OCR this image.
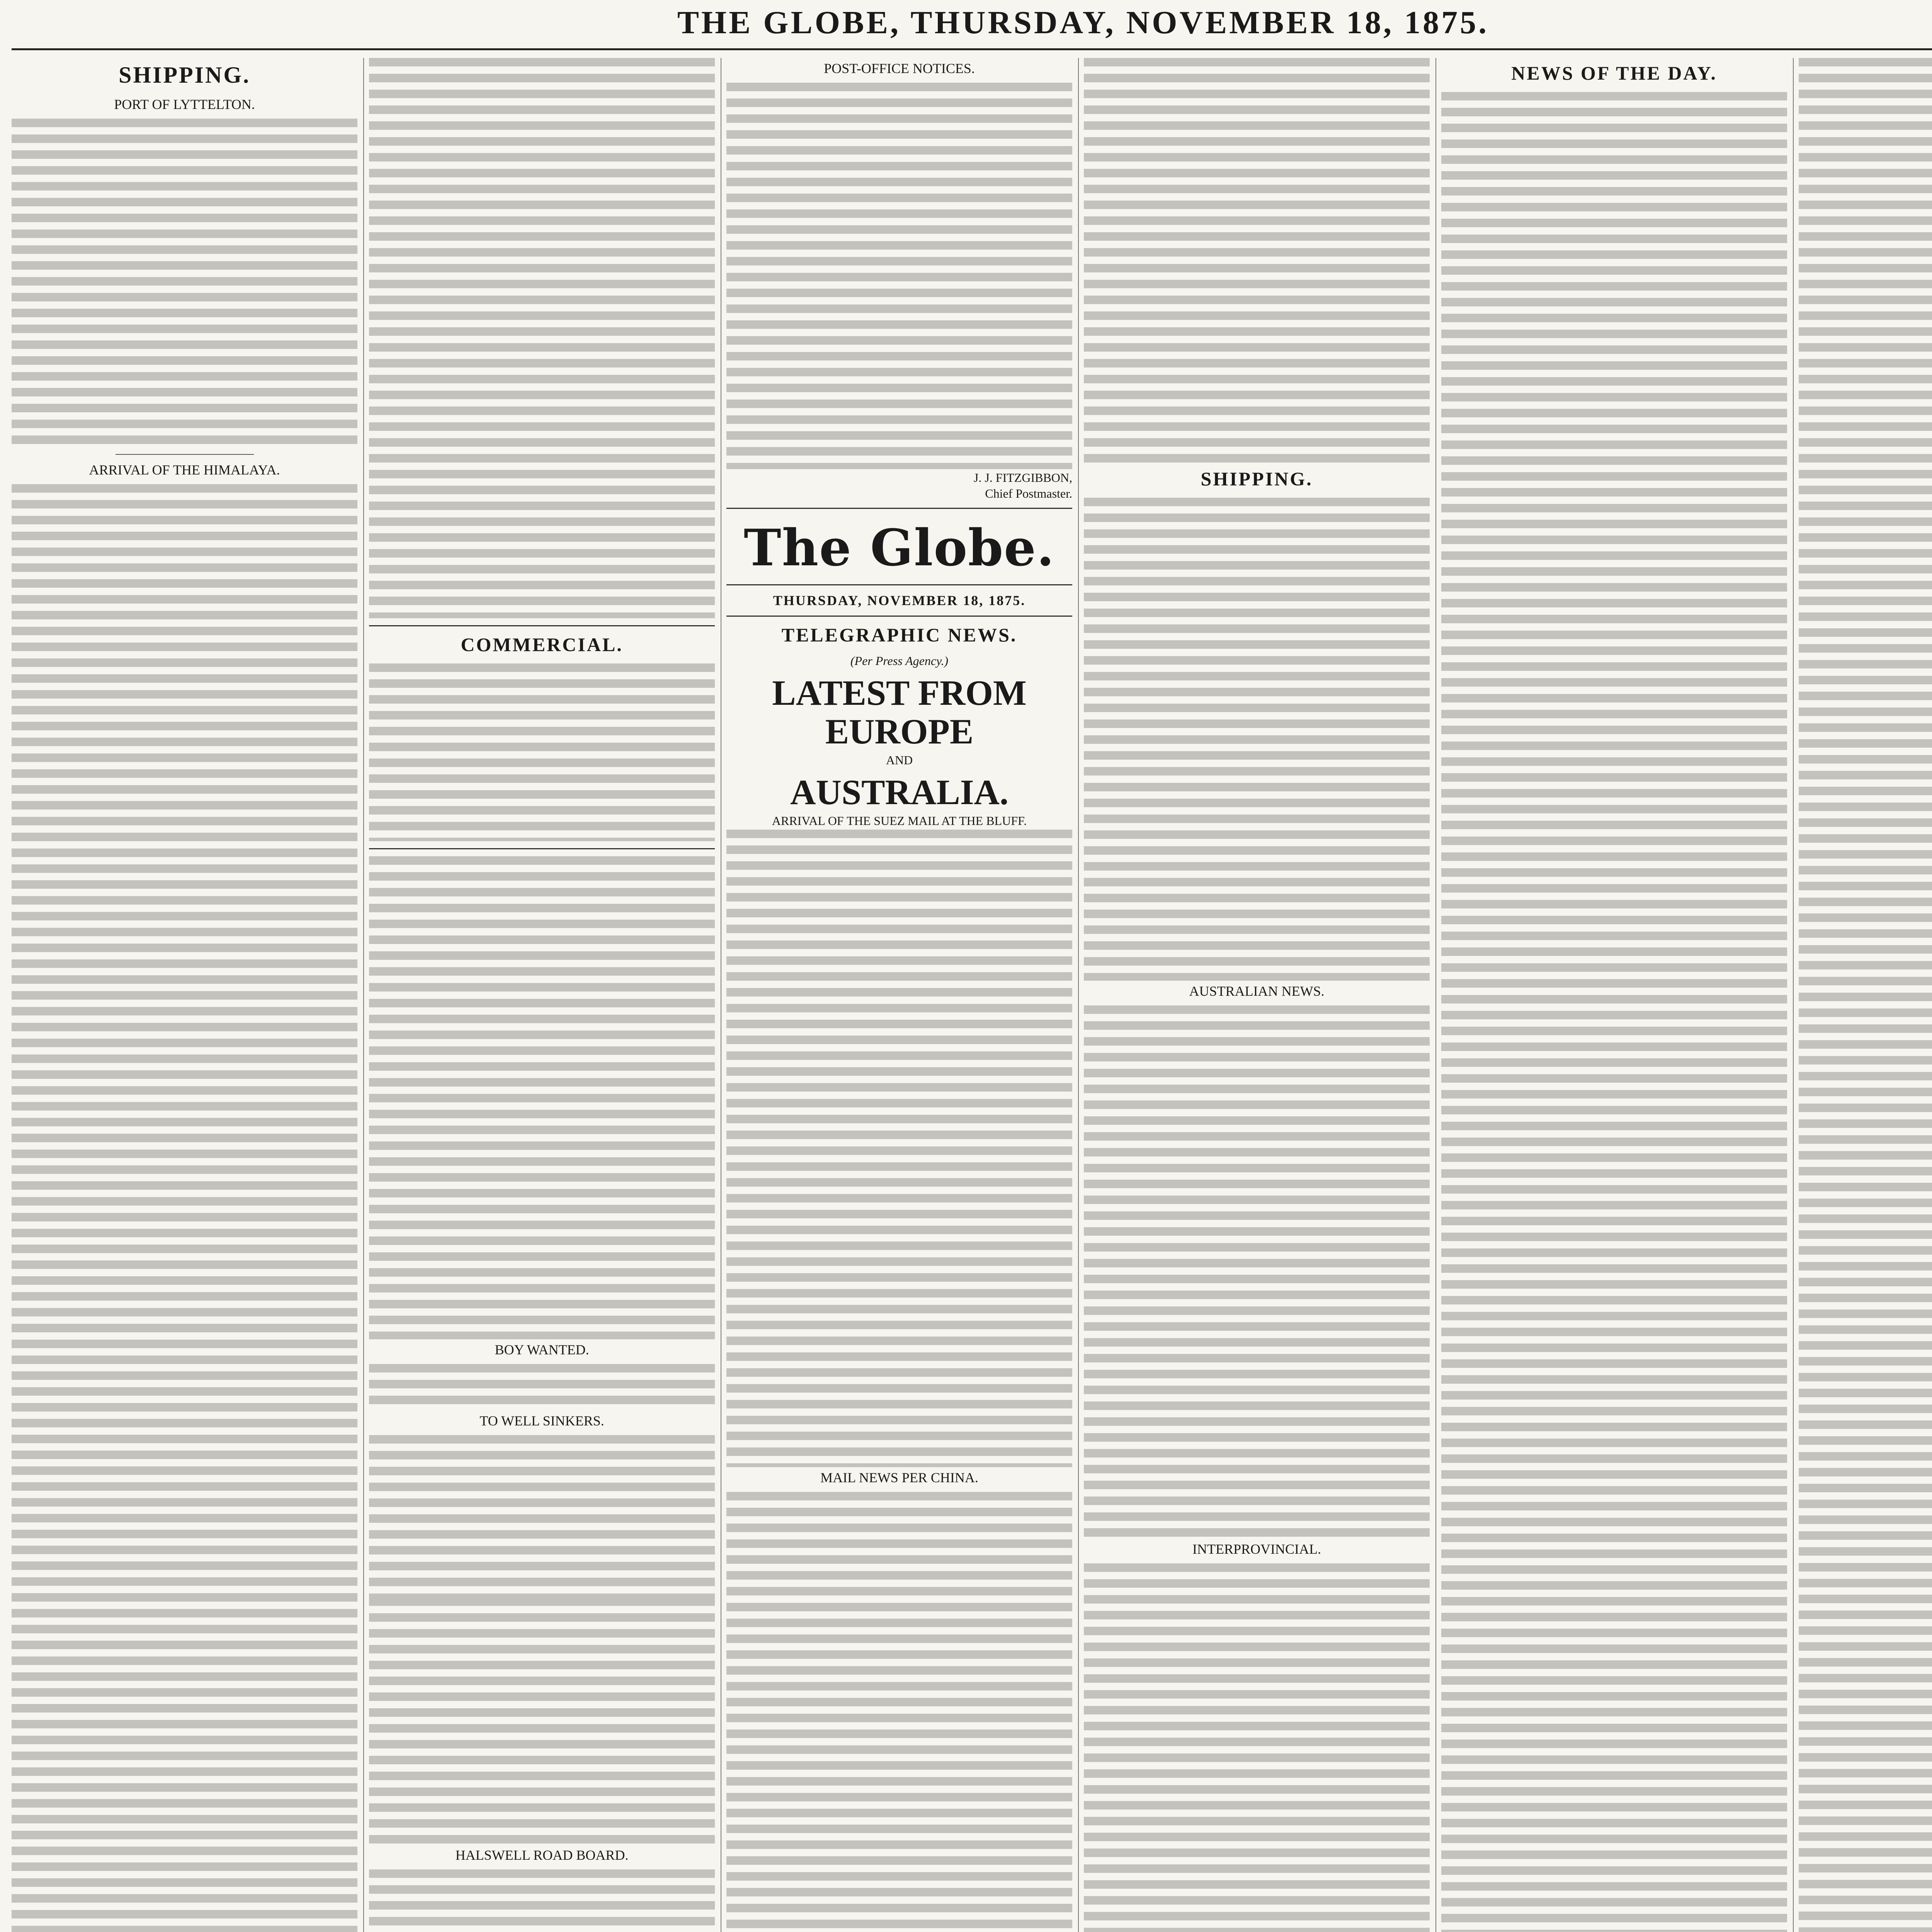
THE GLOBE, THURSDAY, NOVEMBER 18, 1875.
SHIPPING.
PORT OF LYTTELTON.
ARRIVAL OF THE HIMALAYA.
COMMERCIAL.
BOY WANTED.
TO WELL SINKERS.
HALSWELL ROAD BOARD.
POST-OFFICE NOTICES.
J. J. FITZGIBBON,
Chief Postmaster.
The Globe.
THURSDAY, NOVEMBER 18, 1875.
TELEGRAPHIC NEWS.
(Per Press Agency.)
LATEST FROM EUROPE
AND
AUSTRALIA.
ARRIVAL OF THE SUEZ MAIL AT THE BLUFF.
MAIL NEWS PER CHINA.
SHIPPING.
AUSTRALIAN NEWS.
INTERPROVINCIAL.
NEWS OF THE DAY.
